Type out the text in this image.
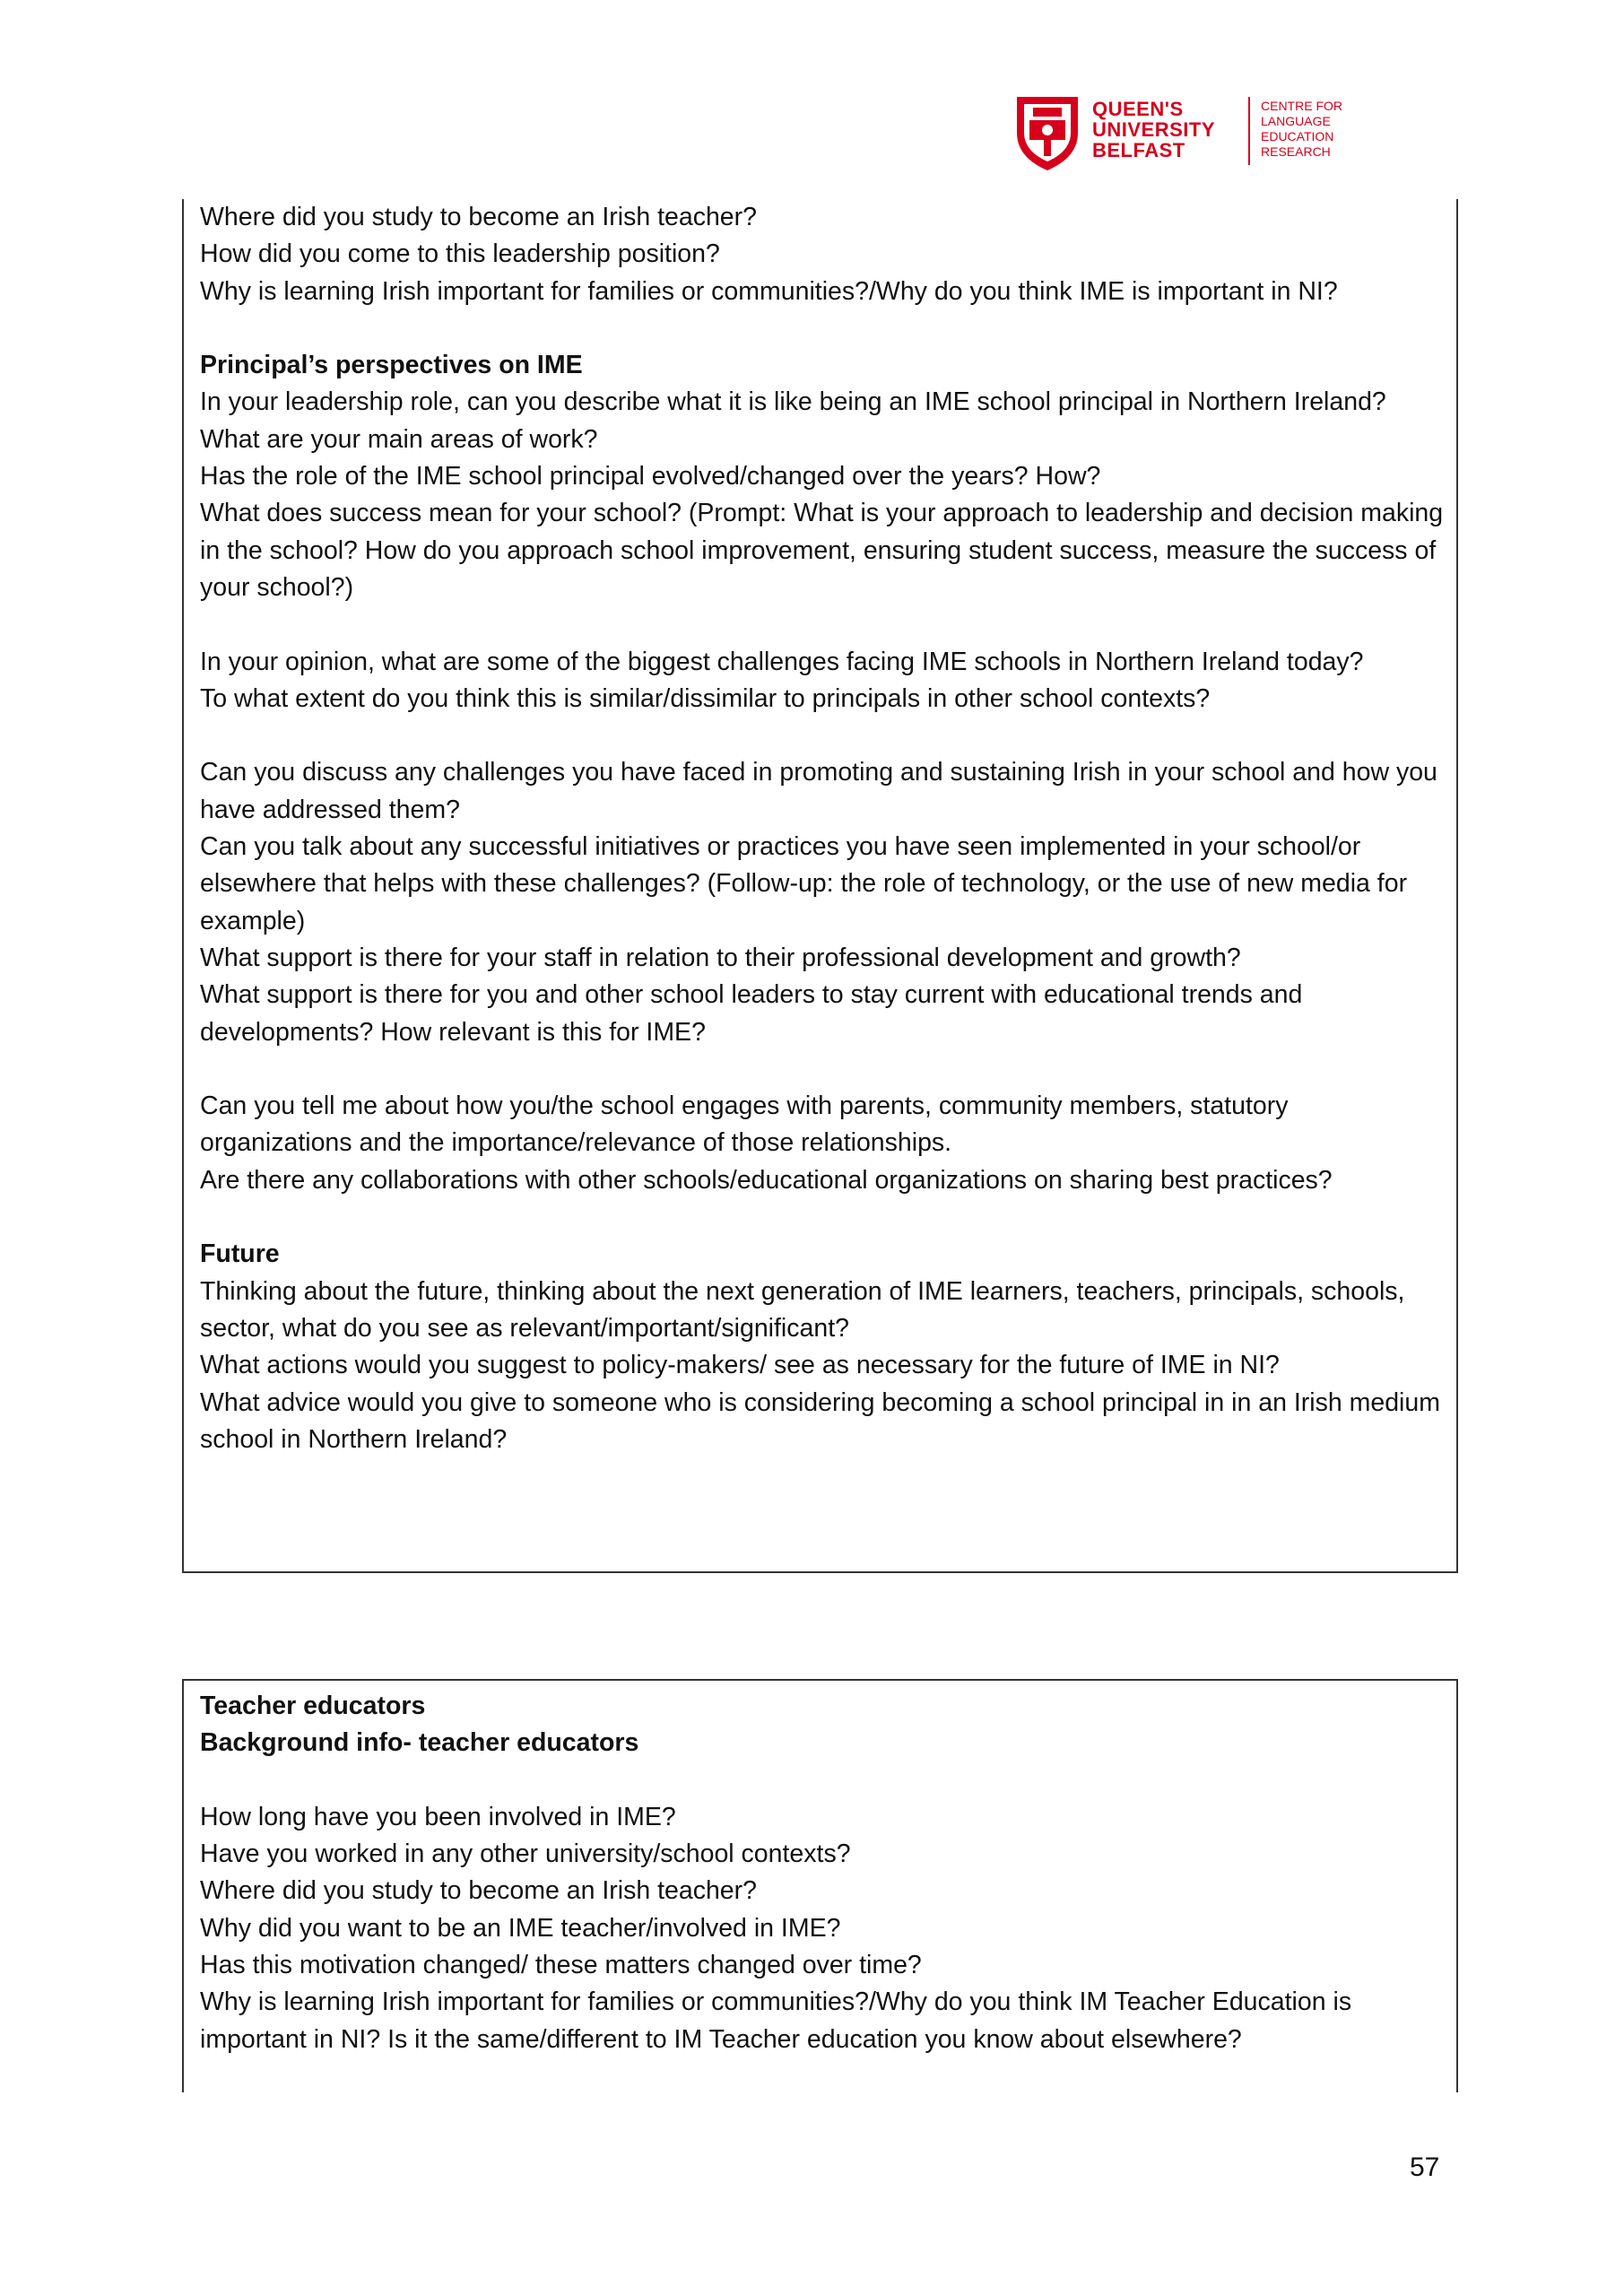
QUEEN'S
UNIVERSITY
BELFAST
CENTRE FOR
LANGUAGE
EDUCATION
RESEARCH
Where did you study to become an Irish teacher?
How did you come to this leadership position?
Why is learning Irish important for families or communities?/Why do you think IME is important in NI?
Principal’s perspectives on IME
In your leadership role, can you describe what it is like being an IME school principal in Northern Ireland? What are your main areas of work?
Has the role of the IME school principal evolved/changed over the years? How?
What does success mean for your school? (Prompt: What is your approach to leadership and decision making in the school? How do you approach school improvement, ensuring student success, measure the success of your school?)
In your opinion, what are some of the biggest challenges facing IME schools in Northern Ireland today?
To what extent do you think this is similar/dissimilar to principals in other school contexts?
Can you discuss any challenges you have faced in promoting and sustaining Irish in your school and how you have addressed them?
Can you talk about any successful initiatives or practices you have seen implemented in your school/or elsewhere that helps with these challenges? (Follow-up: the role of technology, or the use of new media for example)
What support is there for your staff in relation to their professional development and growth?
What support is there for you and other school leaders to stay current with educational trends and developments? How relevant is this for IME?
Can you tell me about how you/the school engages with parents, community members, statutory organizations and the importance/relevance of those relationships.
Are there any collaborations with other schools/educational organizations on sharing best practices?
Future
Thinking about the future, thinking about the next generation of IME learners, teachers, principals, schools, sector, what do you see as relevant/important/significant?
What actions would you suggest to policy-makers/ see as necessary for the future of IME in NI?
What advice would you give to someone who is considering becoming a school principal in in an Irish medium school in Northern Ireland?
Teacher educators
Background info- teacher educators
How long have you been involved in IME?
Have you worked in any other university/school contexts?
Where did you study to become an Irish teacher?
Why did you want to be an IME teacher/involved in IME?
Has this motivation changed/ these matters changed over time?
Why is learning Irish important for families or communities?/Why do you think IM Teacher Education is important in NI? Is it the same/different to IM Teacher education you know about elsewhere?
57
